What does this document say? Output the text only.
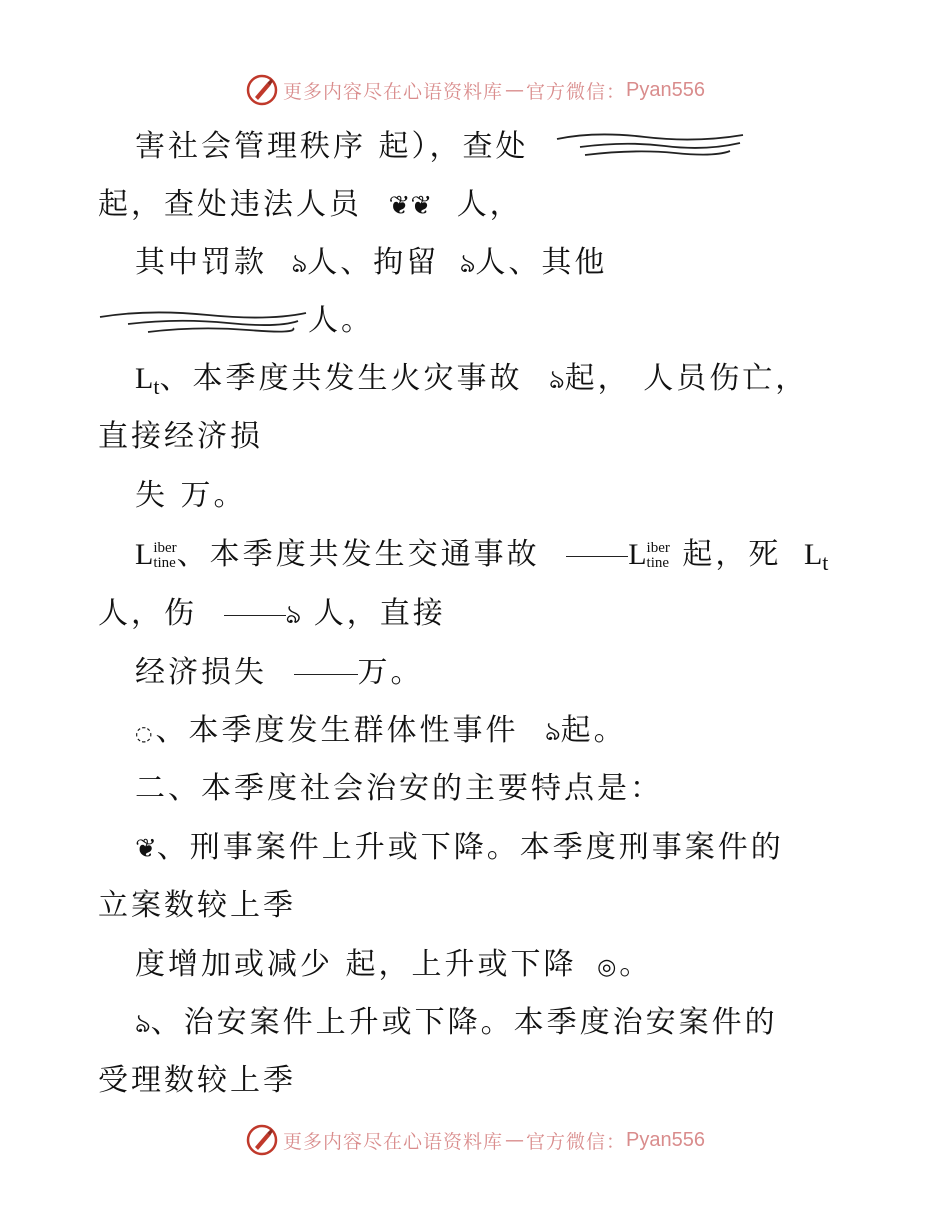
更多内容尽在心语资料库 — 官方微信： Pyan556
害社会管理秩序 起），查处
起，查处违法人员 ❦❦ 人，
其中罚款 ঌ人、拘留 ঌ人、其他
人。
$L_t$、本季度共发生火灾事故 ঌ起， 人员伤亡，
直接经济损
失 万。
Liber
tine、本季度共发生交通事故	Liber
tine 起，死 $L_t$
人，伤	ঌ 人，直接
经济损失	万。
◌、本季度发生群体性事件 ঌ起。
二、本季度社会治安的主要特点是：
❦、刑事案件上升或下降。本季度刑事案件的
立案数较上季
度增加或减少 起，上升或下降 ◎。
ঌ、治安案件上升或下降。本季度治安案件的
受理数较上季
更多内容尽在心语资料库 — 官方微信： Pyan556
